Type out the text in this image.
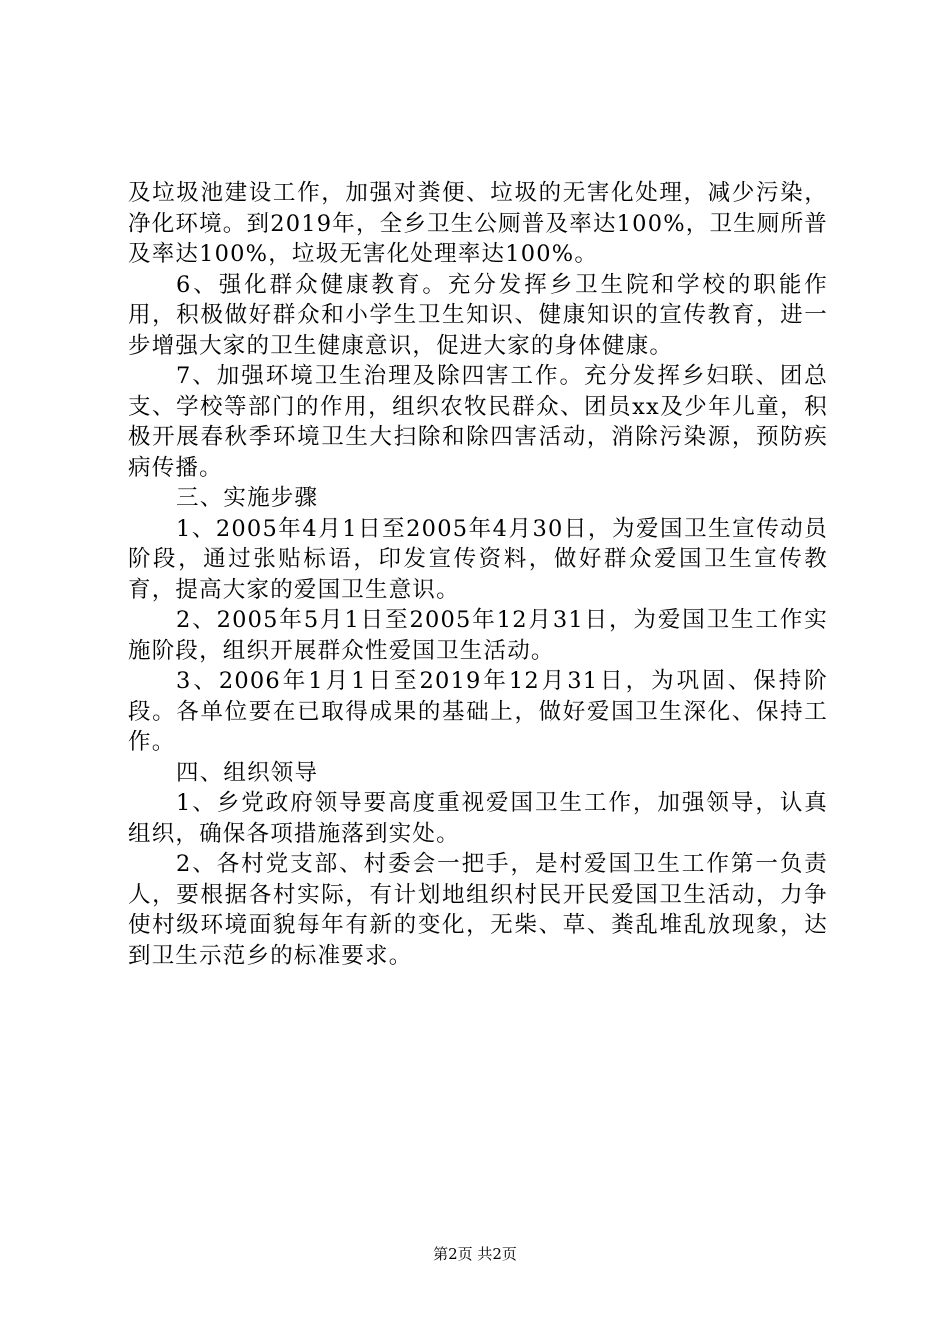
及垃圾池建设工作，加强对粪便、垃圾的无害化处理，减少污染，净化环境。到2019年，全乡卫生公厕普及率达100%，卫生厕所普及率达100%，垃圾无害化处理率达100%。

6、强化群众健康教育。充分发挥乡卫生院和学校的职能作用，积极做好群众和小学生卫生知识、健康知识的宣传教育，进一步增强大家的卫生健康意识，促进大家的身体健康。

7、加强环境卫生治理及除四害工作。充分发挥乡妇联、团总支、学校等部门的作用，组织农牧民群众、团员xx及少年儿童，积极开展春秋季环境卫生大扫除和除四害活动，消除污染源，预防疾病传播。

三、实施步骤

1、2005年4月1日至2005年4月30日，为爱国卫生宣传动员阶段，通过张贴标语，印发宣传资料，做好群众爱国卫生宣传教育，提高大家的爱国卫生意识。

2、2005年5月1日至2005年12月31日，为爱国卫生工作实施阶段，组织开展群众性爱国卫生活动。

3、2006年1月1日至2019年12月31日，为巩固、保持阶段。各单位要在已取得成果的基础上，做好爱国卫生深化、保持工作。

四、组织领导

1、乡党政府领导要高度重视爱国卫生工作，加强领导，认真组织，确保各项措施落到实处。

2、各村党支部、村委会一把手，是村爱国卫生工作第一负责人，要根据各村实际，有计划地组织村民开民爱国卫生活动，力争使村级环境面貌每年有新的变化，无柴、草、粪乱堆乱放现象，达到卫生示范乡的标准要求。

第2页 共2页
